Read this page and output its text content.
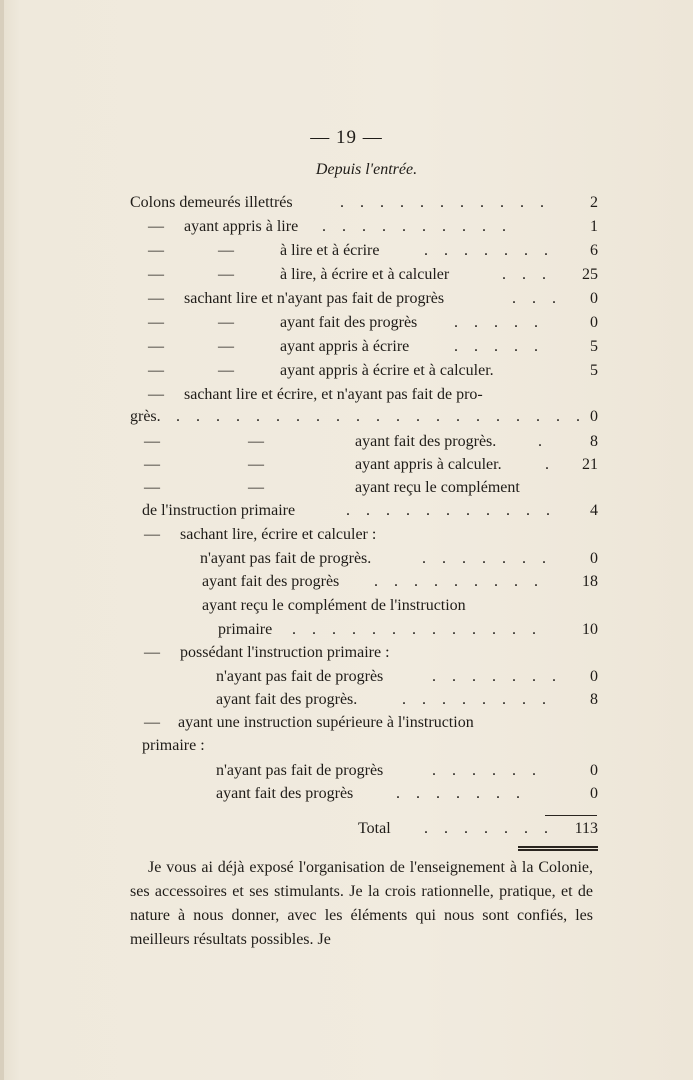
— 19 —
Depuis l'entrée.
Colons demeurés illettrés	. . . . . . . . . . .	2
— ayant appris à lire . . . . . . . . . .	1
—	—	à lire et à écrire	. . . . . . .	6
—	—	à lire, à écrire et à calculer	. . .	25
— sachant lire et n'ayant pas fait de progrès	. . .	0
—	—	ayant fait des progrès . . . . .	0
—	—	ayant appris à écrire	. . . . .	5
—	—	ayant appris à écrire et à calculer.	5
— sachant lire et écrire, et n'ayant pas fait de pro-
grès. . . . . . . . . . . . . . . . . . . . . . 0
—	—	ayant fait des progrès.	.	8
—	—	ayant appris à calculer.	.	21
—	—	ayant reçu le complément
de l'instruction primaire	. . . . . . . . . . .	4
— sachant lire, écrire et calculer :
n'ayant pas fait de progrès.	. . . . . . .	0
ayant fait des progrès . . . . . . . . .	18
ayant reçu le complément de l'instruction
primaire . . . . . . . . . . . . .	10
— possédant l'instruction primaire :
n'ayant pas fait de progrès	. . . . . . .	0
ayant fait des progrès.	. . . . . . . .	8
— ayant une instruction supérieure à l'instruction
primaire :
n'ayant pas fait de progrès	. . . . . .	0
ayant fait des progrès	. . . . . . .	0
Total . . . . . . .	113
Je vous ai déjà exposé l'organisation de l'enseignement à la Colonie, ses accessoires et ses stimulants. Je la crois rationnelle, pratique, et de nature à nous donner, avec les éléments qui nous sont confiés, les meilleurs résultats possibles. Je
